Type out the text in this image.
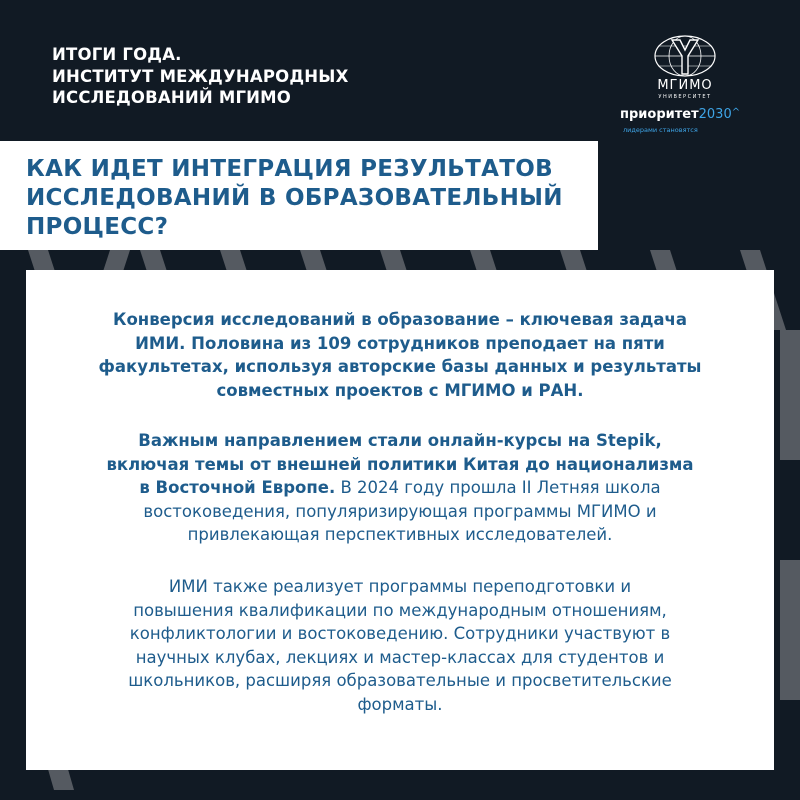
ИТОГИ ГОДА.
ИНСТИТУТ МЕЖДУНАРОДНЫХ
ИССЛЕДОВАНИЙ МГИМО
МГИМО
УНИВЕРСИТЕТ
приоритет2030^
лидерами становятся
КАК ИДЕТ ИНТЕГРАЦИЯ РЕЗУЛЬТАТОВ
ИССЛЕДОВАНИЙ В ОБРАЗОВАТЕЛЬНЫЙ
ПРОЦЕСС?
Конверсия исследований в образование – ключевая задача
ИМИ. Половина из 109 сотрудников преподает на пяти
факультетах, используя авторские базы данных и результаты
совместных проектов с МГИМО и РАН.
Важным направлением стали онлайн-курсы на Stepik,
включая темы от внешней политики Китая до национализма
в Восточной Европе. В 2024 году прошла II Летняя школа
востоковедения, популяризирующая программы МГИМО и
привлекающая перспективных исследователей.
ИМИ также реализует программы переподготовки и
повышения квалификации по международным отношениям,
конфликтологии и востоковедению. Сотрудники участвуют в
научных клубах, лекциях и мастер-классах для студентов и
школьников, расширяя образовательные и просветительские
форматы.
